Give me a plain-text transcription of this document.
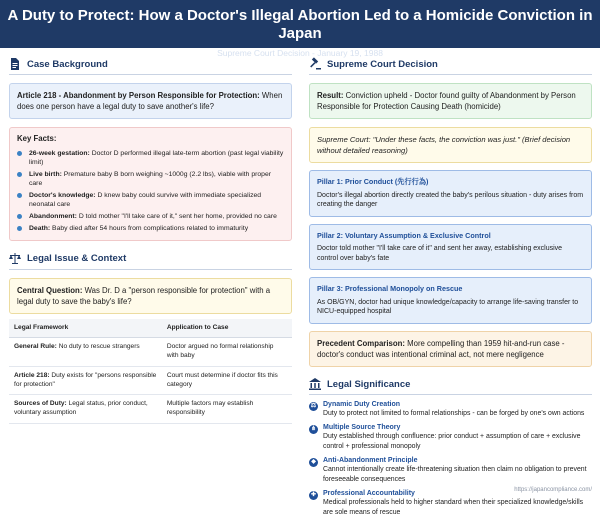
A Duty to Protect: How a Doctor's Illegal Abortion Led to a Homicide Conviction in Japan
Supreme Court Decision - January 19, 1988
Case Background
Article 218 - Abandonment by Person Responsible for Protection: When does one person have a legal duty to save another's life?
Key Facts:
26-week gestation: Doctor D performed illegal late-term abortion (past legal viability limit)
Live birth: Premature baby B born weighing ~1000g (2.2 lbs), viable with proper care
Doctor's knowledge: D knew baby could survive with immediate specialized neonatal care
Abandonment: D told mother "I'll take care of it," sent her home, provided no care
Death: Baby died after 54 hours from complications related to immaturity
Legal Issue & Context
Central Question: Was Dr. D a "person responsible for protection" with a legal duty to save the baby's life?
Legal Framework	Application to Case
General Rule: No duty to rescue strangers	Doctor argued no formal relationship with baby
Article 218: Duty exists for "persons responsible for protection"	Court must determine if doctor fits this category
Sources of Duty: Legal status, prior conduct, voluntary assumption	Multiple factors may establish responsibility
Supreme Court Decision
Result: Conviction upheld - Doctor found guilty of Abandonment by Person Responsible for Protection Causing Death (homicide)
Supreme Court: "Under these facts, the conviction was just." (Brief decision without detailed reasoning)
Pillar 1: Prior Conduct (先行行為)
Doctor's illegal abortion directly created the baby's perilous situation - duty arises from creating the danger
Pillar 2: Voluntary Assumption & Exclusive Control
Doctor told mother "I'll take care of it" and sent her away, establishing exclusive control over baby's fate
Pillar 3: Professional Monopoly on Rescue
As OB/GYN, doctor had unique knowledge/capacity to arrange life-saving transfer to NICU-equipped hospital
Precedent Comparison: More compelling than 1959 hit-and-run case - doctor's conduct was intentional criminal act, not mere negligence
Legal Significance
⚖ Dynamic Duty Creation
Duty to protect not limited to formal relationships - can be forged by one's own actions
⋔ Multiple Source Theory
Duty established through confluence: prior conduct + assumption of care + exclusive control + professional monopoly
◆	Anti-Abandonment Principle
Cannot intentionally create life-threatening situation then claim no obligation to prevent foreseeable consequences
✚ Professional Accountability
Medical professionals held to higher standard when their specialized knowledge/skills are sole means of rescue
https://japancompliance.com/
